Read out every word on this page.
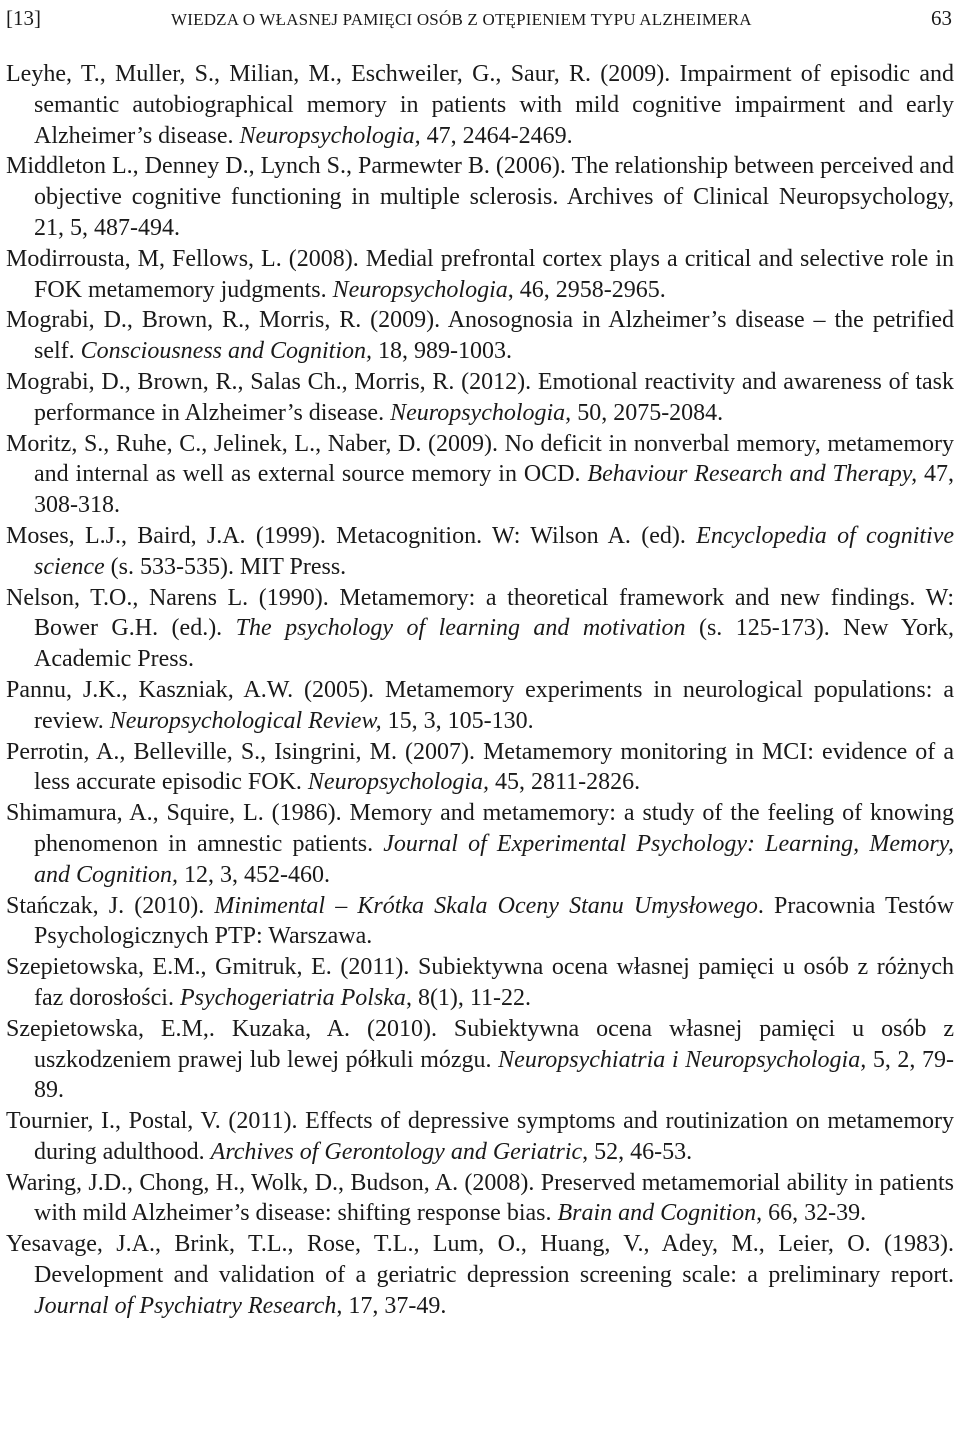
[13]	WIEDZA O WŁASNEJ PAMIĘCI OSÓB Z OTĘPIENIEM TYPU ALZHEIMERA	63

Leyhe, T., Muller, S., Milian, M., Eschweiler, G., Saur, R. (2009). Impairment of episodic and semantic autobiographical memory in patients with mild cognitive impairment and early Alzheimer’s disease. Neuropsychologia, 47, 2464-2469.

Middleton L., Denney D., Lynch S., Parmewter B. (2006). The relationship between perceived and objective cognitive functioning in multiple sclerosis. Archives of Clinical Neuropsychology, 21, 5, 487-494.

Modirrousta, M, Fellows, L. (2008). Medial prefrontal cortex plays a critical and selective role in FOK metamemory judgments. Neuropsychologia, 46, 2958-2965.

Mograbi, D., Brown, R., Morris, R. (2009). Anosognosia in Alzheimer’s disease – the petrified self. Consciousness and Cognition, 18, 989-1003.

Mograbi, D., Brown, R., Salas Ch., Morris, R. (2012). Emotional reactivity and awareness of task performance in Alzheimer’s disease. Neuropsychologia, 50, 2075-2084.

Moritz, S., Ruhe, C., Jelinek, L., Naber, D. (2009). No deficit in nonverbal memory, metamemory and internal as well as external source memory in OCD. Behaviour Research and Therapy, 47, 308-318.

Moses, L.J., Baird, J.A. (1999). Metacognition. W: Wilson A. (ed). Encyclopedia of cognitive science (s. 533-535). MIT Press.

Nelson, T.O., Narens L. (1990). Metamemory: a theoretical framework and new findings. W: Bower G.H. (ed.). The psychology of learning and motivation (s. 125-173). New York, Academic Press.

Pannu, J.K., Kaszniak, A.W. (2005). Metamemory experiments in neurological populations: a review. Neuropsychological Review, 15, 3, 105-130.

Perrotin, A., Belleville, S., Isingrini, M. (2007). Metamemory monitoring in MCI: evidence of a less accurate episodic FOK. Neuropsychologia, 45, 2811-2826.

Shimamura, A., Squire, L. (1986). Memory and metamemory: a study of the feeling of knowing phenomenon in amnestic patients. Journal of Experimental Psychology: Learning, Memory, and Cognition, 12, 3, 452-460.

Stańczak, J. (2010). Minimental – Krótka Skala Oceny Stanu Umysłowego. Pracownia Testów Psychologicznych PTP: Warszawa.

Szepietowska, E.M., Gmitruk, E. (2011). Subiektywna ocena własnej pamięci u osób z różnych faz dorosłości. Psychogeriatria Polska, 8(1), 11-22.

Szepietowska, E.M,. Kuzaka, A. (2010). Subiektywna ocena własnej pamięci u osób z uszkodzeniem prawej lub lewej półkuli mózgu. Neuropsychiatria i Neuropsychologia, 5, 2, 79-89.

Tournier, I., Postal, V. (2011). Effects of depressive symptoms and routinization on metamemory during adulthood. Archives of Gerontology and Geriatric, 52, 46-53.

Waring, J.D., Chong, H., Wolk, D., Budson, A. (2008). Preserved metamemorial ability in patients with mild Alzheimer’s disease: shifting response bias. Brain and Cognition, 66, 32-39.

Yesavage, J.A., Brink, T.L., Rose, T.L., Lum, O., Huang, V., Adey, M., Leier, O. (1983). Development and validation of a geriatric depression screening scale: a preliminary report. Journal of Psychiatry Research, 17, 37-49.
